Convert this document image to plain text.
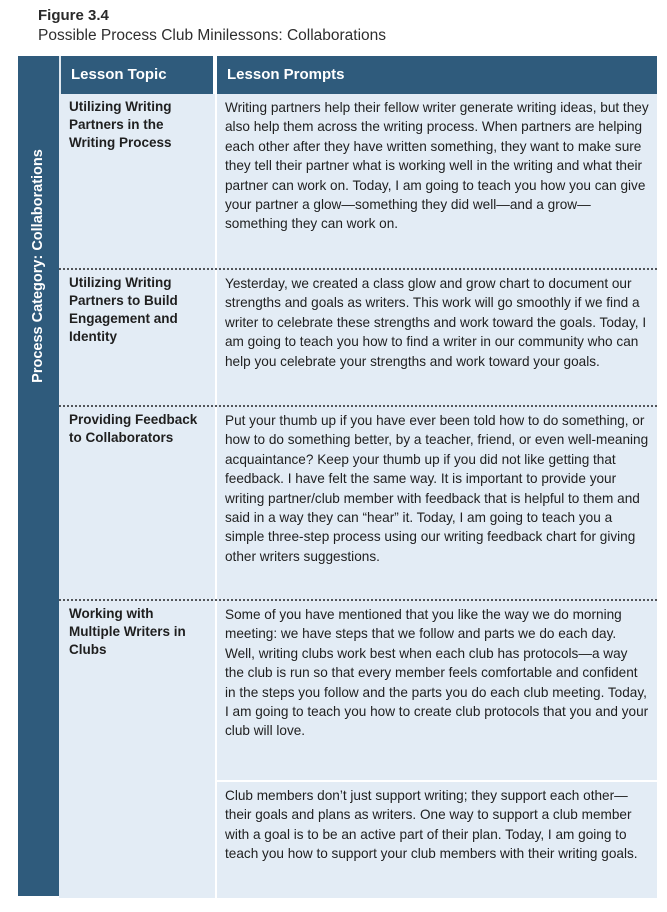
Figure 3.4
Possible Process Club Minilessons: Collaborations
Process Category: Collaborations
Lesson Topic	Lesson Prompts
Utilizing Writing Partners in the Writing Process
Writing partners help their fellow writer generate writing ideas, but they also help them across the writing process. When partners are helping each other after they have written something, they want to make sure they tell their partner what is working well in the writing and what their partner can work on. Today, I am going to teach you how you can give your partner a glow—something they did well—and a grow—something they can work on.
Utilizing Writing Partners to Build Engagement and Identity
Yesterday, we created a class glow and grow chart to document our strengths and goals as writers. This work will go smoothly if we find a writer to celebrate these strengths and work toward the goals. Today, I am going to teach you how to find a writer in our community who can help you celebrate your strengths and work toward your goals.
Providing Feedback to Collaborators
Put your thumb up if you have ever been told how to do something, or how to do something better, by a teacher, friend, or even well-meaning acquaintance? Keep your thumb up if you did not like getting that feedback. I have felt the same way. It is important to provide your writing partner/club member with feedback that is helpful to them and said in a way they can “hear” it. Today, I am going to teach you a simple three-step process using our writing feedback chart for giving other writers suggestions.
Working with Multiple Writers in Clubs
Some of you have mentioned that you like the way we do morning meeting: we have steps that we follow and parts we do each day. Well, writing clubs work best when each club has protocols—a way the club is run so that every member feels comfortable and confident in the steps you follow and the parts you do each club meeting. Today, I am going to teach you how to create club protocols that you and your club will love.
Club members don’t just support writing; they support each other—their goals and plans as writers. One way to support a club member with a goal is to be an active part of their plan. Today, I am going to teach you how to support your club members with their writing goals.
